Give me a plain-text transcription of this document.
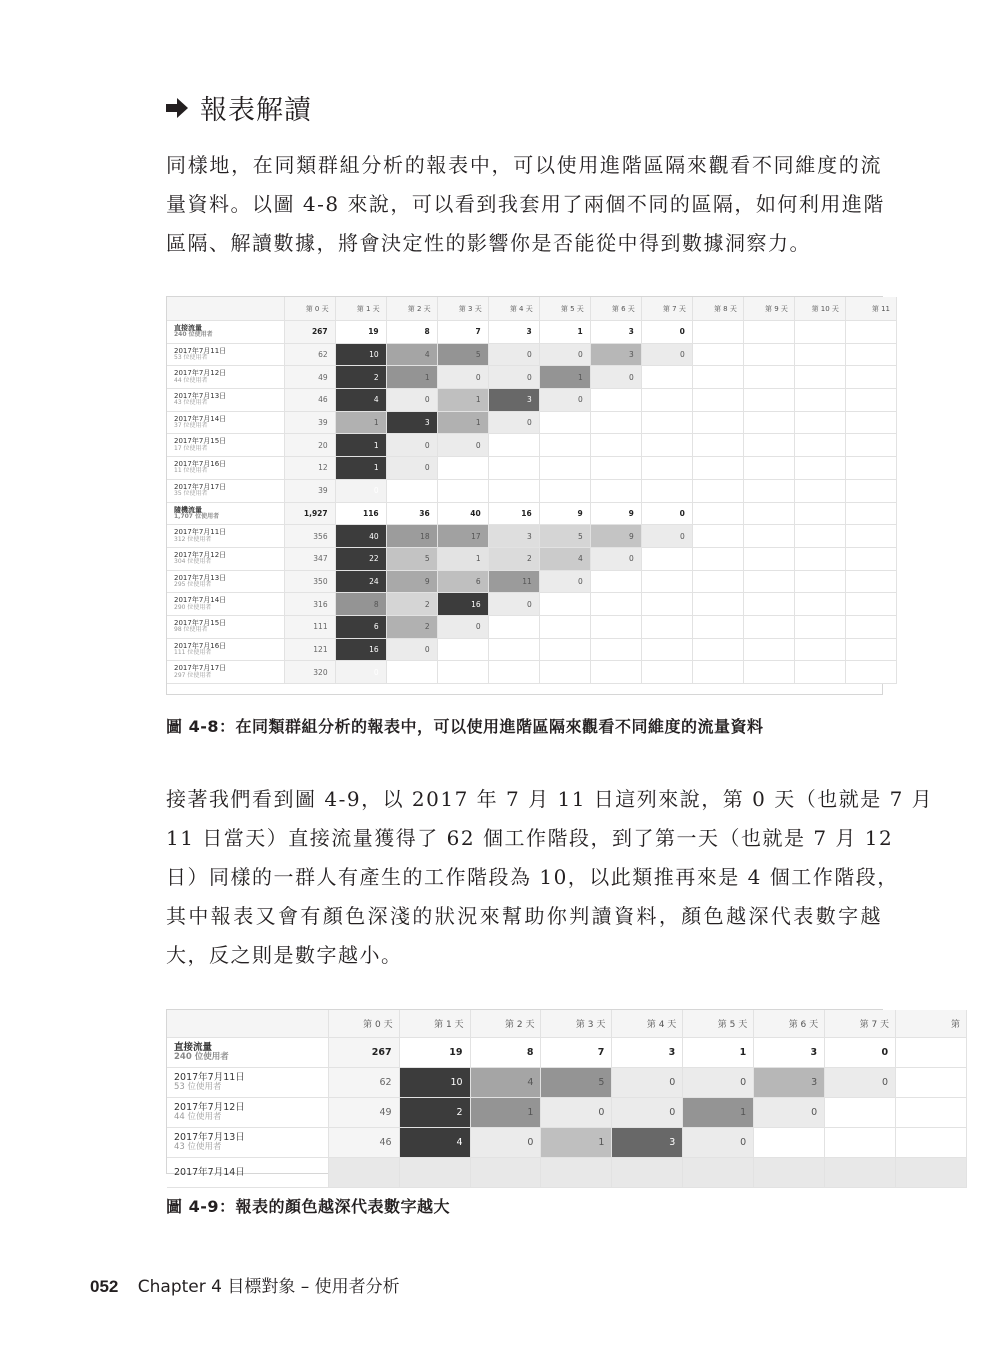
報表解讀
同樣地，在同類群組分析的報表中，可以使用進階區隔來觀看不同維度的流
量資料。以圖 4-8 來說，可以看到我套用了兩個不同的區隔，如何利用進階
區隔、解讀數據，將會決定性的影響你是否能從中得到數據洞察力。
	第 0 天	第 1 天	第 2 天	第 3 天	第 4 天	第 5 天	第 6 天	第 7 天	第 8 天	第 9 天	第 10 天	第 11

直接流量
240 位使用者	267	19	8	7	3	1	3	0				

2017年7月11日
53 位使用者	62	10	4	5	0	0	3	0				

2017年7月12日
44 位使用者	49	2	1	0	0	1	0					

2017年7月13日
43 位使用者	46	4	0	1	3	0						

2017年7月14日
37 位使用者	39	1	3	1	0							

2017年7月15日
17 位使用者	20	1	0	0								

2017年7月16日
11 位使用者	12	1	0									

2017年7月17日
35 位使用者	39	0										

隨機流量
1,707 位使用者	1,927	116	36	40	16	9	9	0				

2017年7月11日
312 位使用者	356	40	18	17	3	5	9	0				

2017年7月12日
304 位使用者	347	22	5	1	2	4	0					

2017年7月13日
295 位使用者	350	24	9	6	11	0						

2017年7月14日
290 位使用者	316	8	2	16	0							

2017年7月15日
98 位使用者	111	6	2	0								

2017年7月16日
111 位使用者	121	16	0									

2017年7月17日
297 位使用者	320	0										
圖 4-8：在同類群組分析的報表中，可以使用進階區隔來觀看不同維度的流量資料
接著我們看到圖 4-9，以 2017 年 7 月 11 日這列來說，第 0 天（也就是 7 月
11 日當天）直接流量獲得了 62 個工作階段，到了第一天（也就是 7 月 12
日）同樣的一群人有產生的工作階段為 10，以此類推再來是 4 個工作階段，
其中報表又會有顏色深淺的狀況來幫助你判讀資料，顏色越深代表數字越
大，反之則是數字越小。
	第 0 天	第 1 天	第 2 天	第 3 天	第 4 天	第 5 天	第 6 天	第 7 天	第

直接流量
240 位使用者	267	19	8	7	3	1	3	0	

2017年7月11日
53 位使用者	62	10	4	5	0	0	3	0	

2017年7月12日
44 位使用者	49	2	1	0	0	1	0		

2017年7月13日
43 位使用者	46	4	0	1	3	0			

2017年7月14日									

圖 4-9：報表的顏色越深代表數字越大
052 Chapter 4 目標對象 – 使用者分析
